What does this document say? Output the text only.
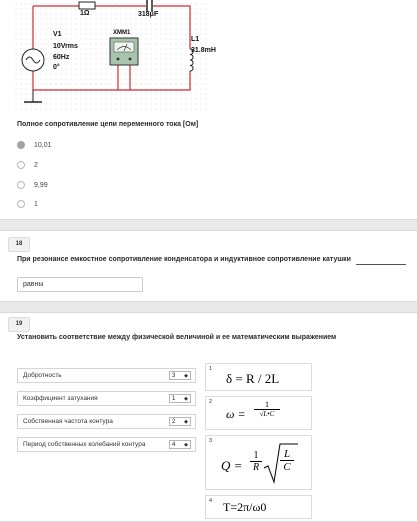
1Ω	318μF
XMM1
V1
10Vrms
60Hz
0°
L1
31.8mH
Полное сопротивление цепи переменного тока [Ом]
10,01
2
9,99
1
18
При резонансе емкостное сопротивление конденсатора и индуктивное сопротивление катушки
равны
19
Установить соответствие между физической величиной и ее математическим выражением
Добротность	3 ◆
Коэффициент затухания	1 ◆
Собственная частота контура	2 ◆
Период собственных колебаний контура	4 ◆
1
δ = R / 2L
2
$\omega = \frac{1}{√L•C}$
3
$Q = \frac{1}{R} \frac{L}{C}$
4 T=2π/ω0
